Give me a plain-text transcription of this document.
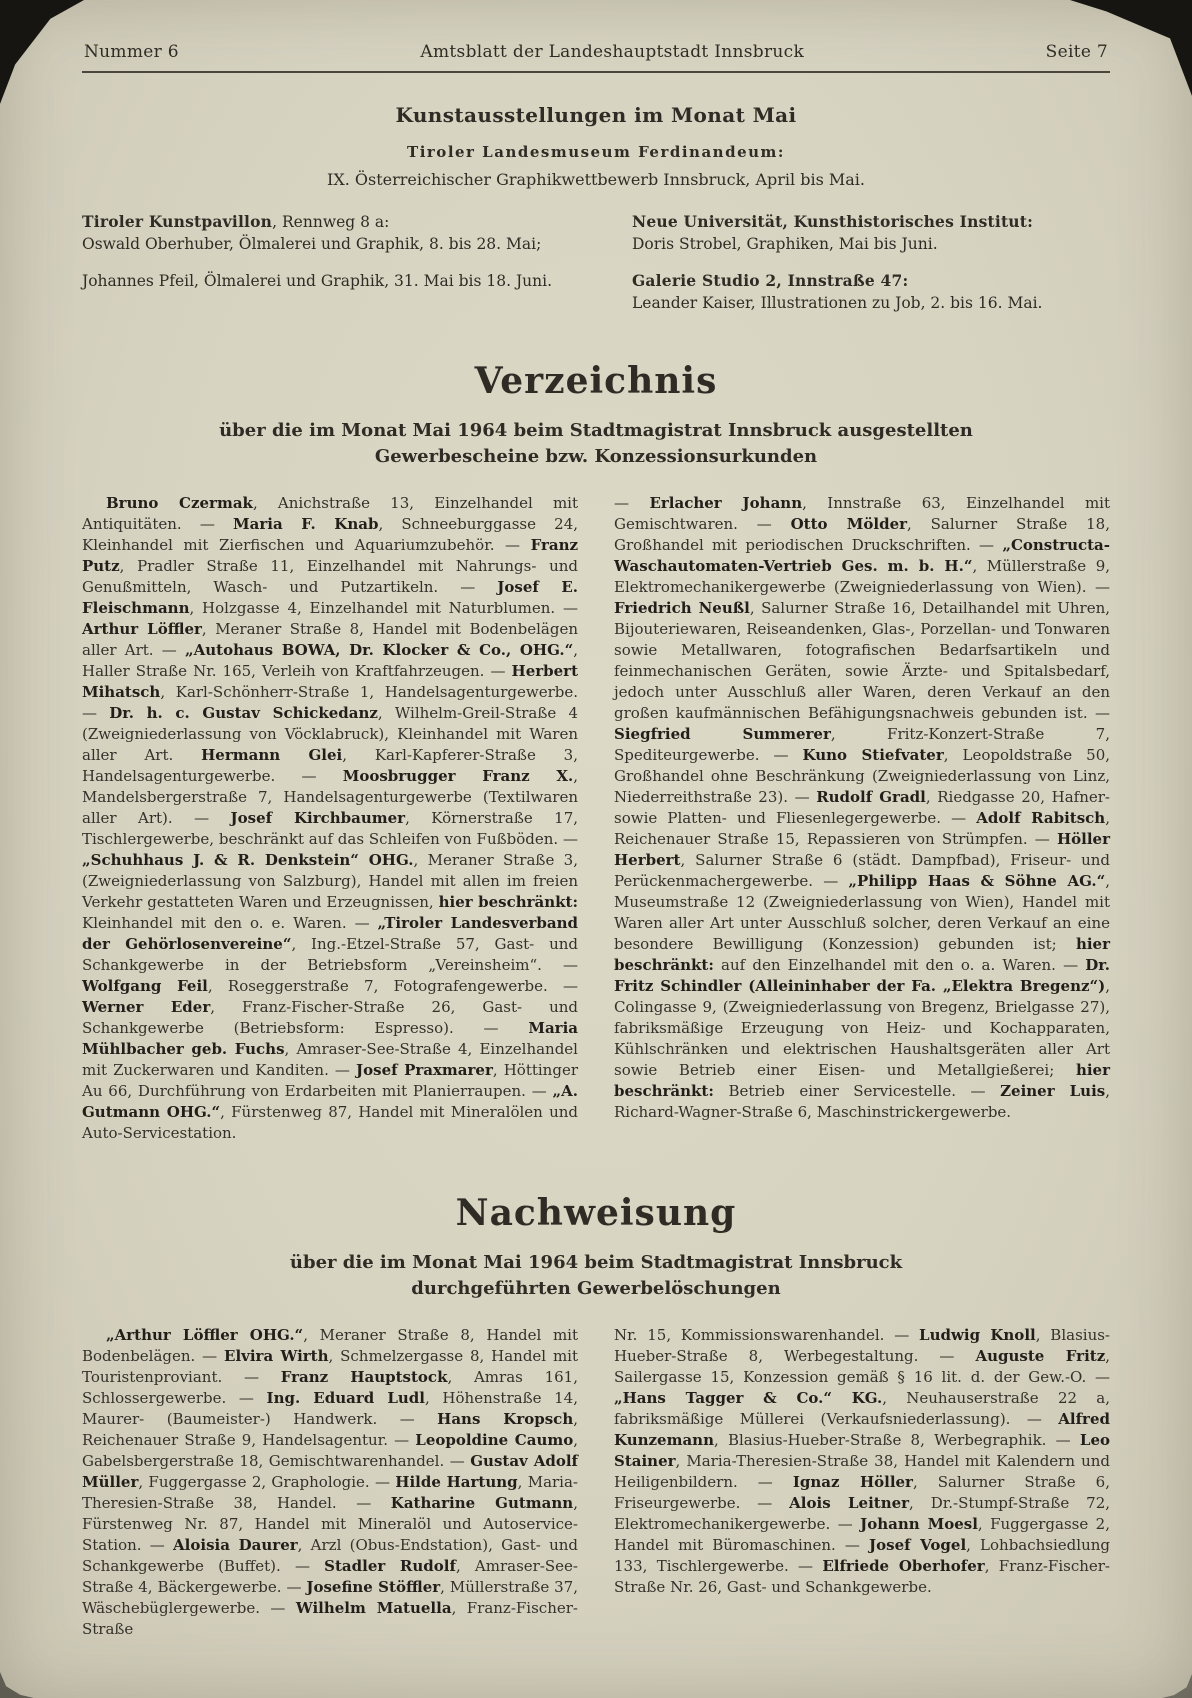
Nummer 6	Amtsblatt der Landeshauptstadt Innsbruck	Seite 7
Kunstausstellungen im Monat Mai

Tiroler Landesmuseum Ferdinandeum:

IX. Österreichischer Graphikwettbewerb Innsbruck, April bis Mai.

Tiroler Kunstpavillon, Rennweg 8 a:

Oswald Oberhuber, Ölmalerei und Graphik, 8. bis 28. Mai;

Johannes Pfeil, Ölmalerei und Graphik, 31. Mai bis 18. Juni.

Neue Universität, Kunsthistorisches Institut:

Doris Strobel, Graphiken, Mai bis Juni.

Galerie Studio 2, Innstraße 47:

Leander Kaiser, Illustrationen zu Job, 2. bis 16. Mai.

Verzeichnis

über die im Monat Mai 1964 beim Stadtmagistrat Innsbruck ausgestellten

Gewerbescheine bzw. Konzessionsurkunden

Bruno Czermak, Anichstraße 13, Einzelhandel mit Antiquitäten. — Maria F. Knab, Schneeburggasse 24, Kleinhandel mit Zierfischen und Aquariumzubehör. — Franz Putz, Pradler Straße 11, Einzelhandel mit Nahrungs- und Genußmitteln, Wasch- und Putzartikeln. — Josef E. Fleischmann, Holzgasse 4, Einzelhandel mit Naturblumen. — Arthur Löffler, Meraner Straße 8, Handel mit Bodenbelägen aller Art. — „Autohaus BOWA, Dr. Klocker & Co., OHG.“, Haller Straße Nr. 165, Verleih von Kraftfahrzeugen. — Herbert Mihatsch, Karl-Schönherr-Straße 1, Handelsagenturgewerbe. — Dr. h. c. Gustav Schickedanz, Wilhelm-Greil-Straße 4 (Zweigniederlassung von Vöcklabruck), Kleinhandel mit Waren aller Art. Hermann Glei, Karl-Kapferer-Straße 3, Handelsagenturgewerbe. — Moosbrugger Franz X., Mandelsbergerstraße 7, Handelsagenturgewerbe (Textilwaren aller Art). — Josef Kirchbaumer, Körnerstraße 17, Tischlergewerbe, beschränkt auf das Schleifen von Fußböden. — „Schuhhaus J. & R. Denkstein“ OHG., Meraner Straße 3, (Zweigniederlassung von Salzburg), Handel mit allen im freien Verkehr gestatteten Waren und Erzeugnissen, hier beschränkt: Kleinhandel mit den o. e. Waren. — „Tiroler Landesverband der Gehörlosenvereine“, Ing.-Etzel-Straße 57, Gast- und Schankgewerbe in der Betriebsform „Vereinsheim“. — Wolfgang Feil, Roseggerstraße 7, Fotografengewerbe. — Werner Eder, Franz-Fischer-Straße 26, Gast- und Schankgewerbe (Betriebsform: Espresso). — Maria Mühlbacher geb. Fuchs, Amraser-See-Straße 4, Einzelhandel mit Zuckerwaren und Kanditen. — Josef Praxmarer, Höttinger Au 66, Durchführung von Erdarbeiten mit Planierraupen. — „A. Gutmann OHG.“, Fürstenweg 87, Handel mit Mineralölen und Auto-Servicestation.

— Erlacher Johann, Innstraße 63, Einzelhandel mit Gemischtwaren. — Otto Mölder, Salurner Straße 18, Großhandel mit periodischen Druckschriften. — „Constructa-Waschautomaten-Vertrieb Ges. m. b. H.“, Müllerstraße 9, Elektromechanikergewerbe (Zweigniederlassung von Wien). — Friedrich Neußl, Salurner Straße 16, Detailhandel mit Uhren, Bijouteriewaren, Reiseandenken, Glas-, Porzellan- und Tonwaren sowie Metallwaren, fotografischen Bedarfsartikeln und feinmechanischen Geräten, sowie Ärzte- und Spitalsbedarf, jedoch unter Ausschluß aller Waren, deren Verkauf an den großen kaufmännischen Befähigungsnachweis gebunden ist. — Siegfried Summerer, Fritz-Konzert-Straße 7, Spediteurgewerbe. — Kuno Stiefvater, Leopoldstraße 50, Großhandel ohne Beschränkung (Zweigniederlassung von Linz, Niederreithstraße 23). — Rudolf Gradl, Riedgasse 20, Hafner- sowie Platten- und Fliesenlegergewerbe. — Adolf Rabitsch, Reichenauer Straße 15, Repassieren von Strümpfen. — Höller Herbert, Salurner Straße 6 (städt. Dampfbad), Friseur- und Perückenmachergewerbe. — „Philipp Haas & Söhne AG.“, Museumstraße 12 (Zweigniederlassung von Wien), Handel mit Waren aller Art unter Ausschluß solcher, deren Verkauf an eine besondere Bewilligung (Konzession) gebunden ist; hier beschränkt: auf den Einzelhandel mit den o. a. Waren. — Dr. Fritz Schindler (Alleininhaber der Fa. „Elektra Bregenz“), Colingasse 9, (Zweigniederlassung von Bregenz, Brielgasse 27), fabriksmäßige Erzeugung von Heiz- und Kochapparaten, Kühlschränken und elektrischen Haushaltsgeräten aller Art sowie Betrieb einer Eisen- und Metallgießerei; hier beschränkt: Betrieb einer Servicestelle. — Zeiner Luis, Richard-Wagner-Straße 6, Maschinstrickergewerbe.

Nachweisung

über die im Monat Mai 1964 beim Stadtmagistrat Innsbruck

durchgeführten Gewerbelöschungen

„Arthur Löffler OHG.“, Meraner Straße 8, Handel mit Bodenbelägen. — Elvira Wirth, Schmelzergasse 8, Handel mit Touristenproviant. — Franz Hauptstock, Amras 161, Schlossergewerbe. — Ing. Eduard Ludl, Höhenstraße 14, Maurer- (Baumeister-) Handwerk. — Hans Kropsch, Reichenauer Straße 9, Handelsagentur. — Leopoldine Caumo, Gabelsbergerstraße 18, Gemischtwarenhandel. — Gustav Adolf Müller, Fuggergasse 2, Graphologie. — Hilde Hartung, Maria-Theresien-Straße 38, Handel. — Katharine Gutmann, Fürstenweg Nr. 87, Handel mit Mineralöl und Autoservice-Station. — Aloisia Daurer, Arzl (Obus-Endstation), Gast- und Schankgewerbe (Buffet). — Stadler Rudolf, Amraser-See-Straße 4, Bäckergewerbe. — Josefine Stöffler, Müllerstraße 37, Wäschebüglergewerbe. — Wilhelm Matuella, Franz-Fischer-Straße

Nr. 15, Kommissionswarenhandel. — Ludwig Knoll, Blasius-Hueber-Straße 8, Werbegestaltung. — Auguste Fritz, Sailergasse 15, Konzession gemäß § 16 lit. d. der Gew.-O. — „Hans Tagger & Co.“ KG., Neuhauserstraße 22 a, fabriksmäßige Müllerei (Verkaufsniederlassung). — Alfred Kunzemann, Blasius-Hueber-Straße 8, Werbegraphik. — Leo Stainer, Maria-Theresien-Straße 38, Handel mit Kalendern und Heiligenbildern. — Ignaz Höller, Salurner Straße 6, Friseurgewerbe. — Alois Leitner, Dr.-Stumpf-Straße 72, Elektromechanikergewerbe. — Johann Moesl, Fuggergasse 2, Handel mit Büromaschinen. — Josef Vogel, Lohbachsiedlung 133, Tischlergewerbe. — Elfriede Oberhofer, Franz-Fischer-Straße Nr. 26, Gast- und Schankgewerbe.
